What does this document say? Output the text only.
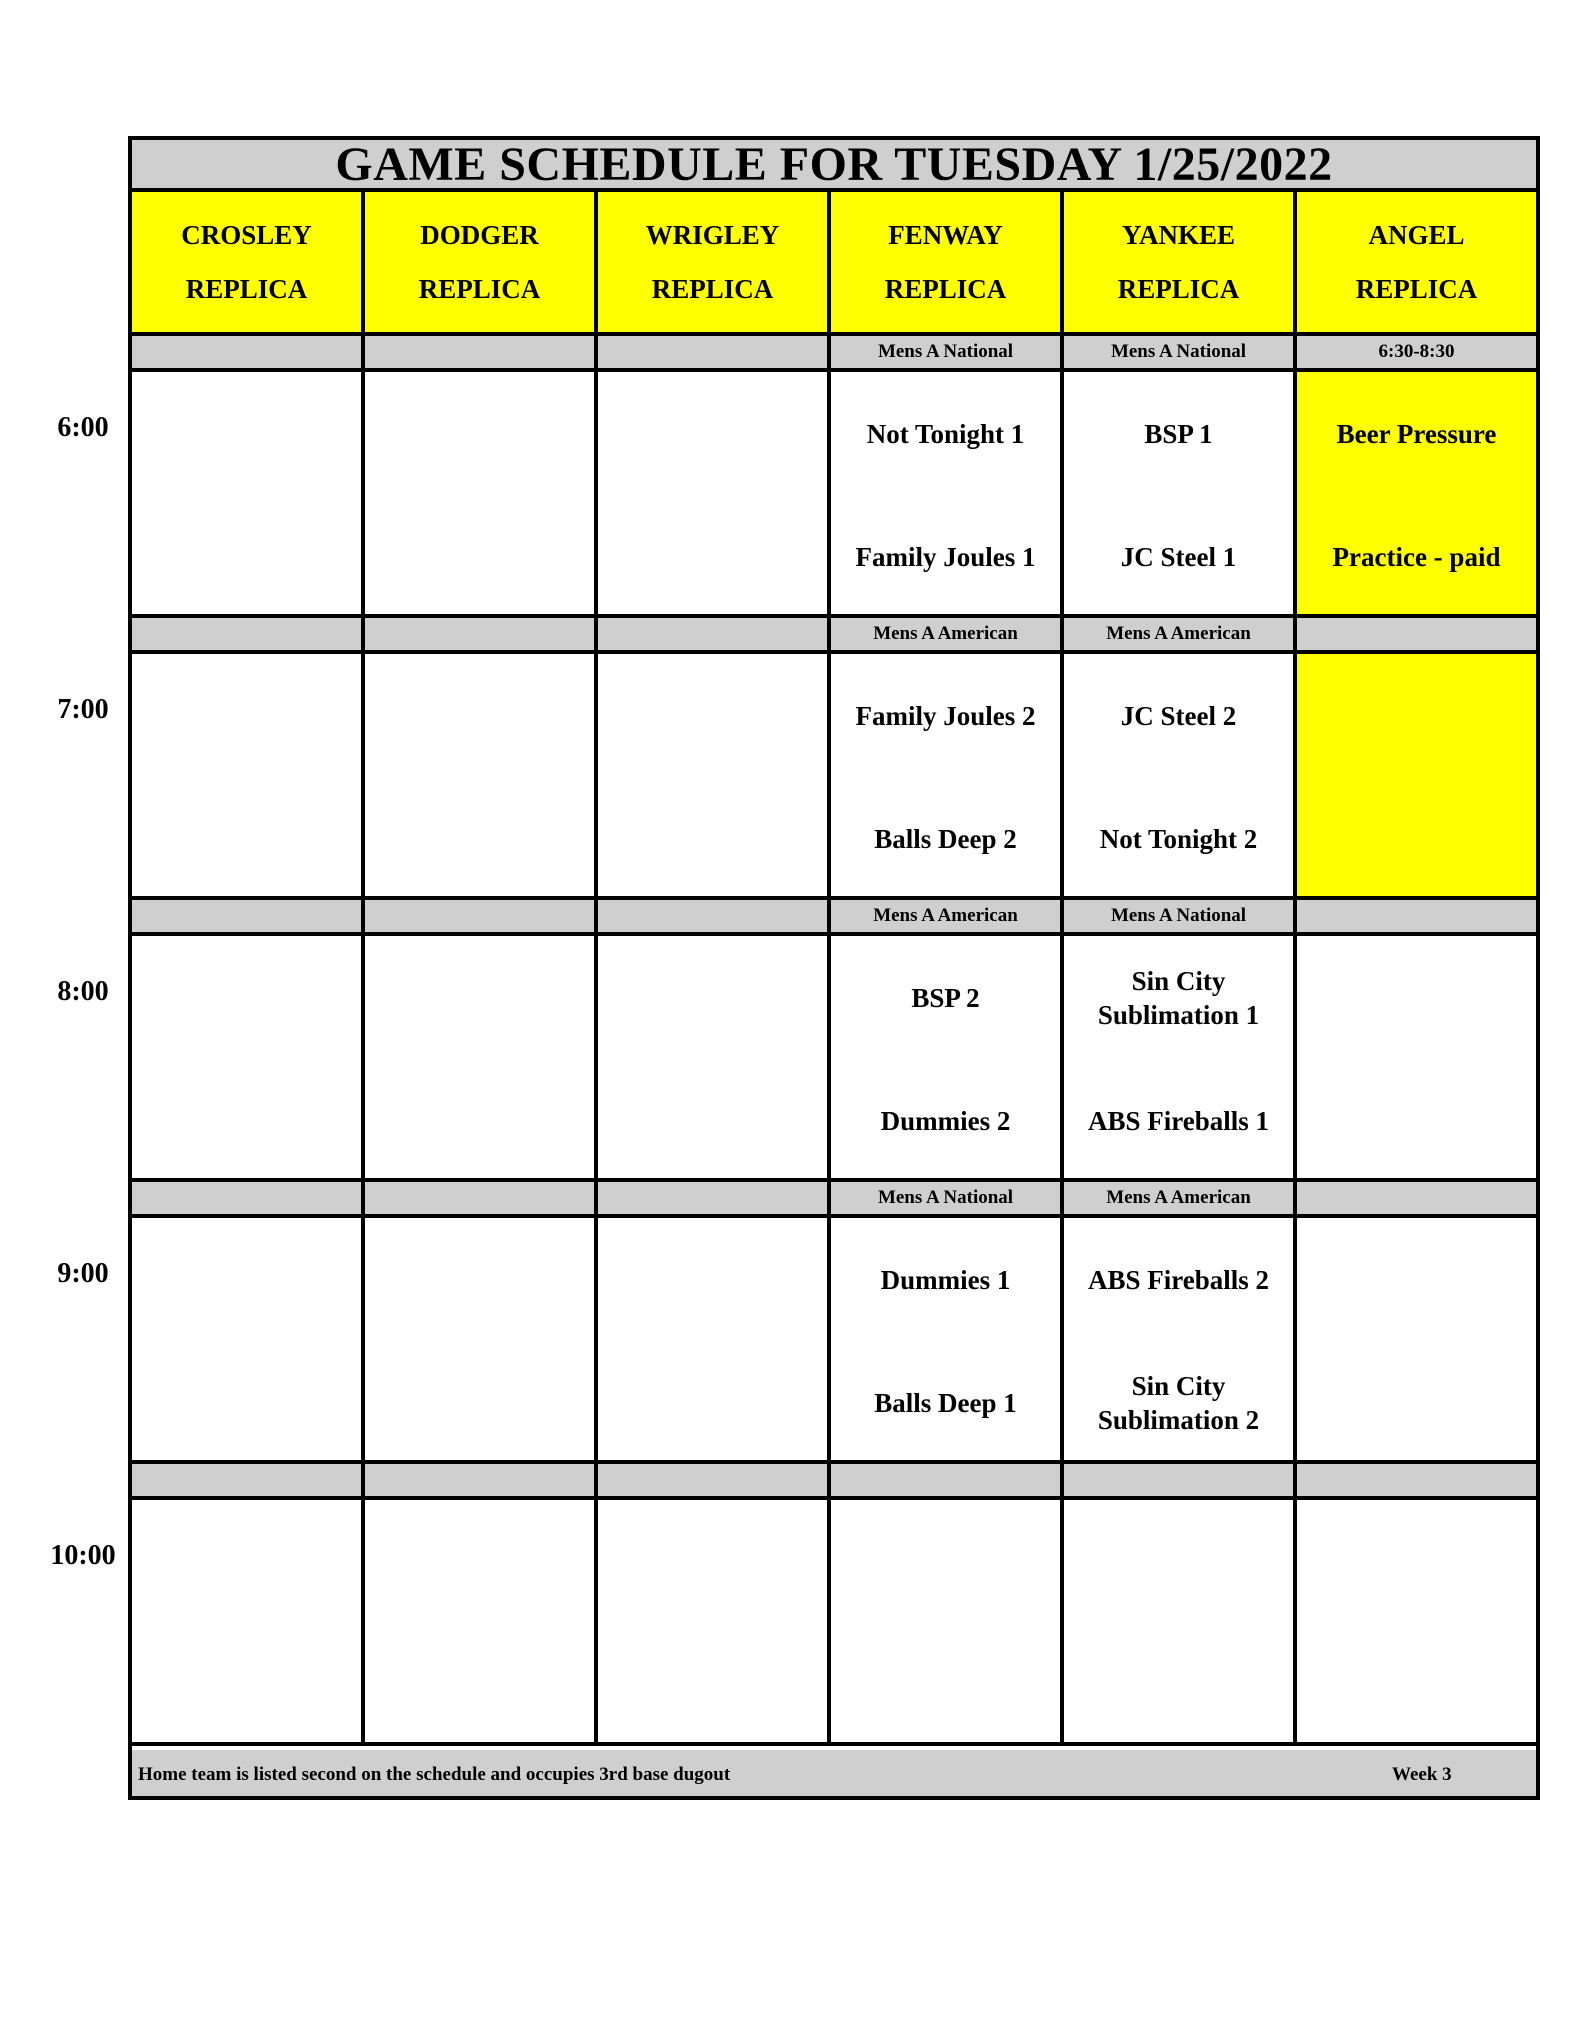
GAME SCHEDULE FOR TUESDAY 1/25/2022
CROSLEY
REPLICA
DODGER
REPLICA
WRIGLEY
REPLICA
FENWAY
REPLICA
YANKEE
REPLICA
ANGEL
REPLICA
Mens A National
Not Tonight 1
Family Joules 1
Mens A National
BSP 1
JC Steel 1
6:30-8:30
Beer Pressure
Practice - paid
Mens A American
Family Joules 2
Balls Deep 2
Mens A American
JC Steel 2
Not Tonight 2
Mens A American
BSP 2
Dummies 2
Mens A National
Sin City Sublimation 1
ABS Fireballs 1
Mens A National
Dummies 1
Balls Deep 1
Mens A American
ABS Fireballs 2
Sin City Sublimation 2
Home team is listed second on the schedule and occupies 3rd base dugout	Week 3
6:00
7:00
8:00
9:00
10:00
